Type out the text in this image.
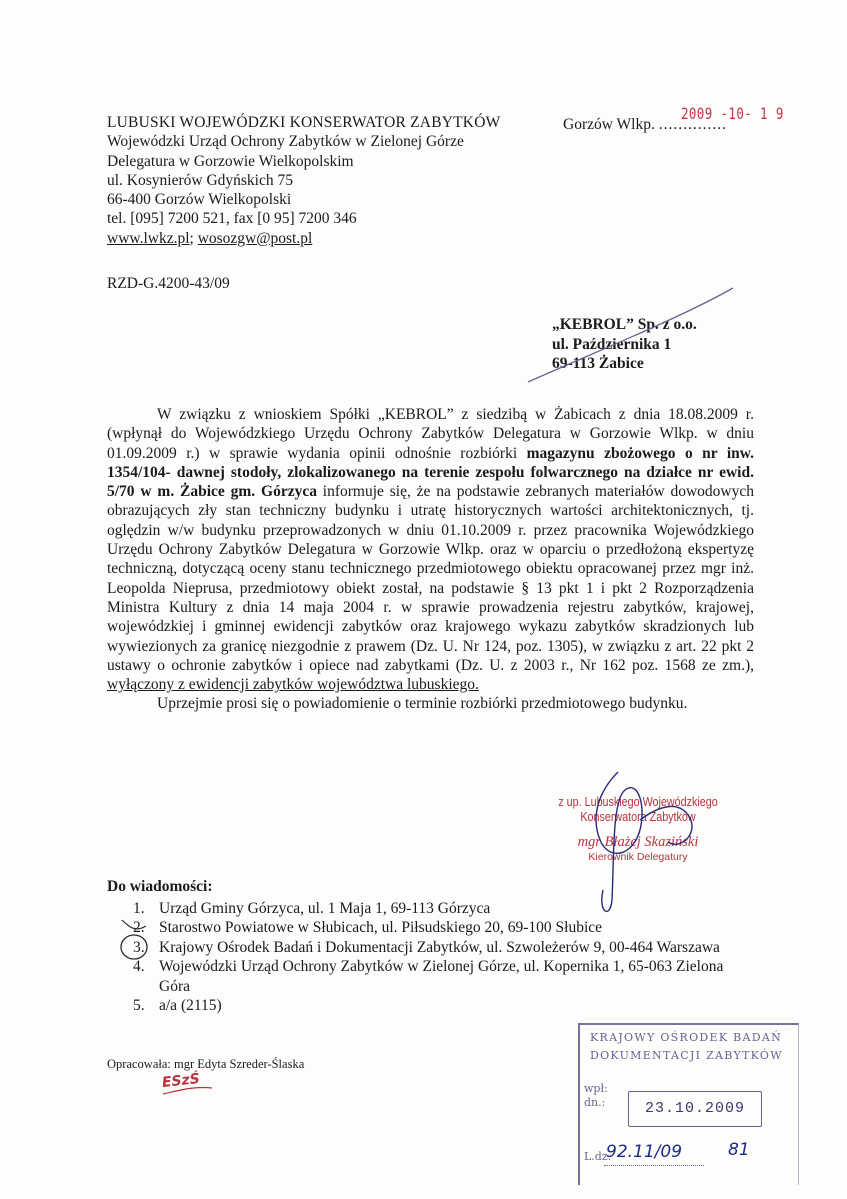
LUBUSKI WOJEWÓDZKI KONSERWATOR ZABYTKÓW
Wojewódzki Urząd Ochrony Zabytków w Zielonej Górze
Delegatura w Gorzowie Wielkopolskim
ul. Kosynierów Gdyńskich 75
66-400 Gorzów Wielkopolski
tel. [095] 7200 521, fax [0 95] 7200 346
www.lwkz.pl; wosozgw@post.pl
Gorzów Wlkp. ..............
2009 -10- 1 9
RZD-G.4200-43/09
„KEBROL” Sp. z o.o.
ul. Października 1
69-113 Żabice

W związku z wnioskiem Spółki „KEBROL” z siedzibą w Żabicach z dnia 18.08.2009 r. (wpłynął do Wojewódzkiego Urzędu Ochrony Zabytków Delegatura w Gorzowie Wlkp. w dniu 01.09.2009 r.) w sprawie wydania opinii odnośnie rozbiórki magazynu zbożowego o nr inw. 1354/104- dawnej stodoły, zlokalizowanego na terenie zespołu folwarcznego na działce nr ewid. 5/70 w m. Żabice gm. Górzyca informuje się, że na podstawie zebranych materiałów dowodowych obrazujących zły stan techniczny budynku i utratę historycznych wartości architektonicznych, tj. oględzin w/w budynku przeprowadzonych w dniu 01.10.2009 r. przez pracownika Wojewódzkiego Urzędu Ochrony Zabytków Delegatura w Gorzowie Wlkp. oraz w oparciu o przedłożoną ekspertyzę techniczną, dotyczącą oceny stanu technicznego przedmiotowego obiektu opracowanej przez mgr inż. Leopolda Nieprusa, przedmiotowy obiekt został, na podstawie § 13 pkt 1 i pkt 2 Rozporządzenia Ministra Kultury z dnia 14 maja 2004 r. w sprawie prowadzenia rejestru zabytków, krajowej, wojewódzkiej i gminnej ewidencji zabytków oraz krajowego wykazu zabytków skradzionych lub wywiezionych za granicę niezgodnie z prawem (Dz. U. Nr 124, poz. 1305), w związku z art. 22 pkt 2 ustawy o ochronie zabytków i opiece nad zabytkami (Dz. U. z 2003 r., Nr 162 poz. 1568 ze zm.), wyłączony z ewidencji zabytków województwa lubuskiego.

Uprzejmie prosi się o powiadomienie o terminie rozbiórki przedmiotowego budynku.

z up. Lubuskiego Wojewódzkiego
Konserwatora Zabytków
mgr Błażej Skaziński
Kierownik Delegatury
Do wiadomości:
1. Urząd Gminy Górzyca, ul. 1 Maja 1, 69-113 Górzyca
2. Starostwo Powiatowe w Słubicach, ul. Piłsudskiego 20, 69-100 Słubice
3. Krajowy Ośrodek Badań i Dokumentacji Zabytków, ul. Szwoleżerów 9, 00-464 Warszawa
4. Wojewódzki Urząd Ochrony Zabytków w Zielonej Górze, ul. Kopernika 1, 65-063 Zielona Góra
5. a/a (2115)
Opracowała: mgr Edyta Szreder-Ślaska
ESzŚ
KRAJOWY OŚRODEK BADAŃ
DOKUMENTACJI ZABYTKÓW
wpł:
dn.:	23.10.2009
L.dz.
92.11/09	81
